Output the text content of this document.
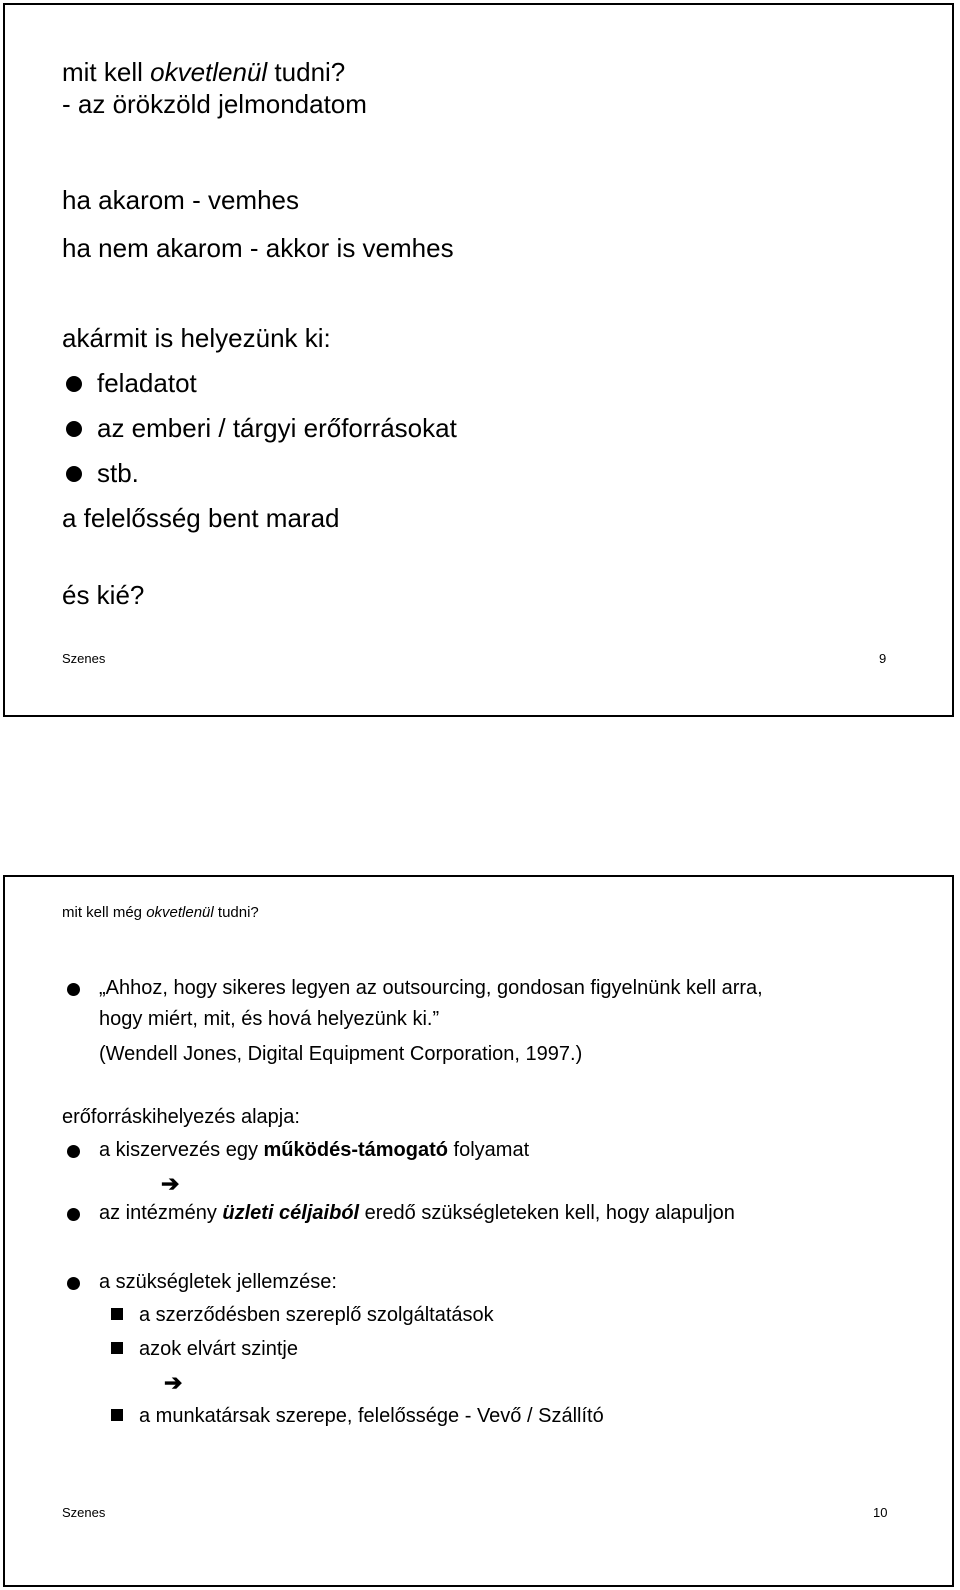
mit kell okvetlenül tudni?
- az örökzöld jelmondatom
ha akarom - vemhes
ha nem akarom - akkor is vemhes
akármit is helyezünk ki:
feladatot
az emberi / tárgyi erőforrásokat
stb.
a felelősség bent marad
és kié?
Szenes	9
mit kell még okvetlenül tudni?
„Ahhoz, hogy sikeres legyen az outsourcing, gondosan figyelnünk kell arra,
hogy miért, mit, és hová helyezünk ki.”
(Wendell Jones, Digital Equipment Corporation, 1997.)
erőforráskihelyezés alapja:
a kiszervezés egy működés-támogató folyamat
➔
az intézmény üzleti céljaiból eredő szükségleteken kell, hogy alapuljon
a szükségletek jellemzése:
a szerződésben szereplő szolgáltatások
azok elvárt szintje
➔
a munkatársak szerepe, felelőssége - Vevő / Szállító
Szenes	10
